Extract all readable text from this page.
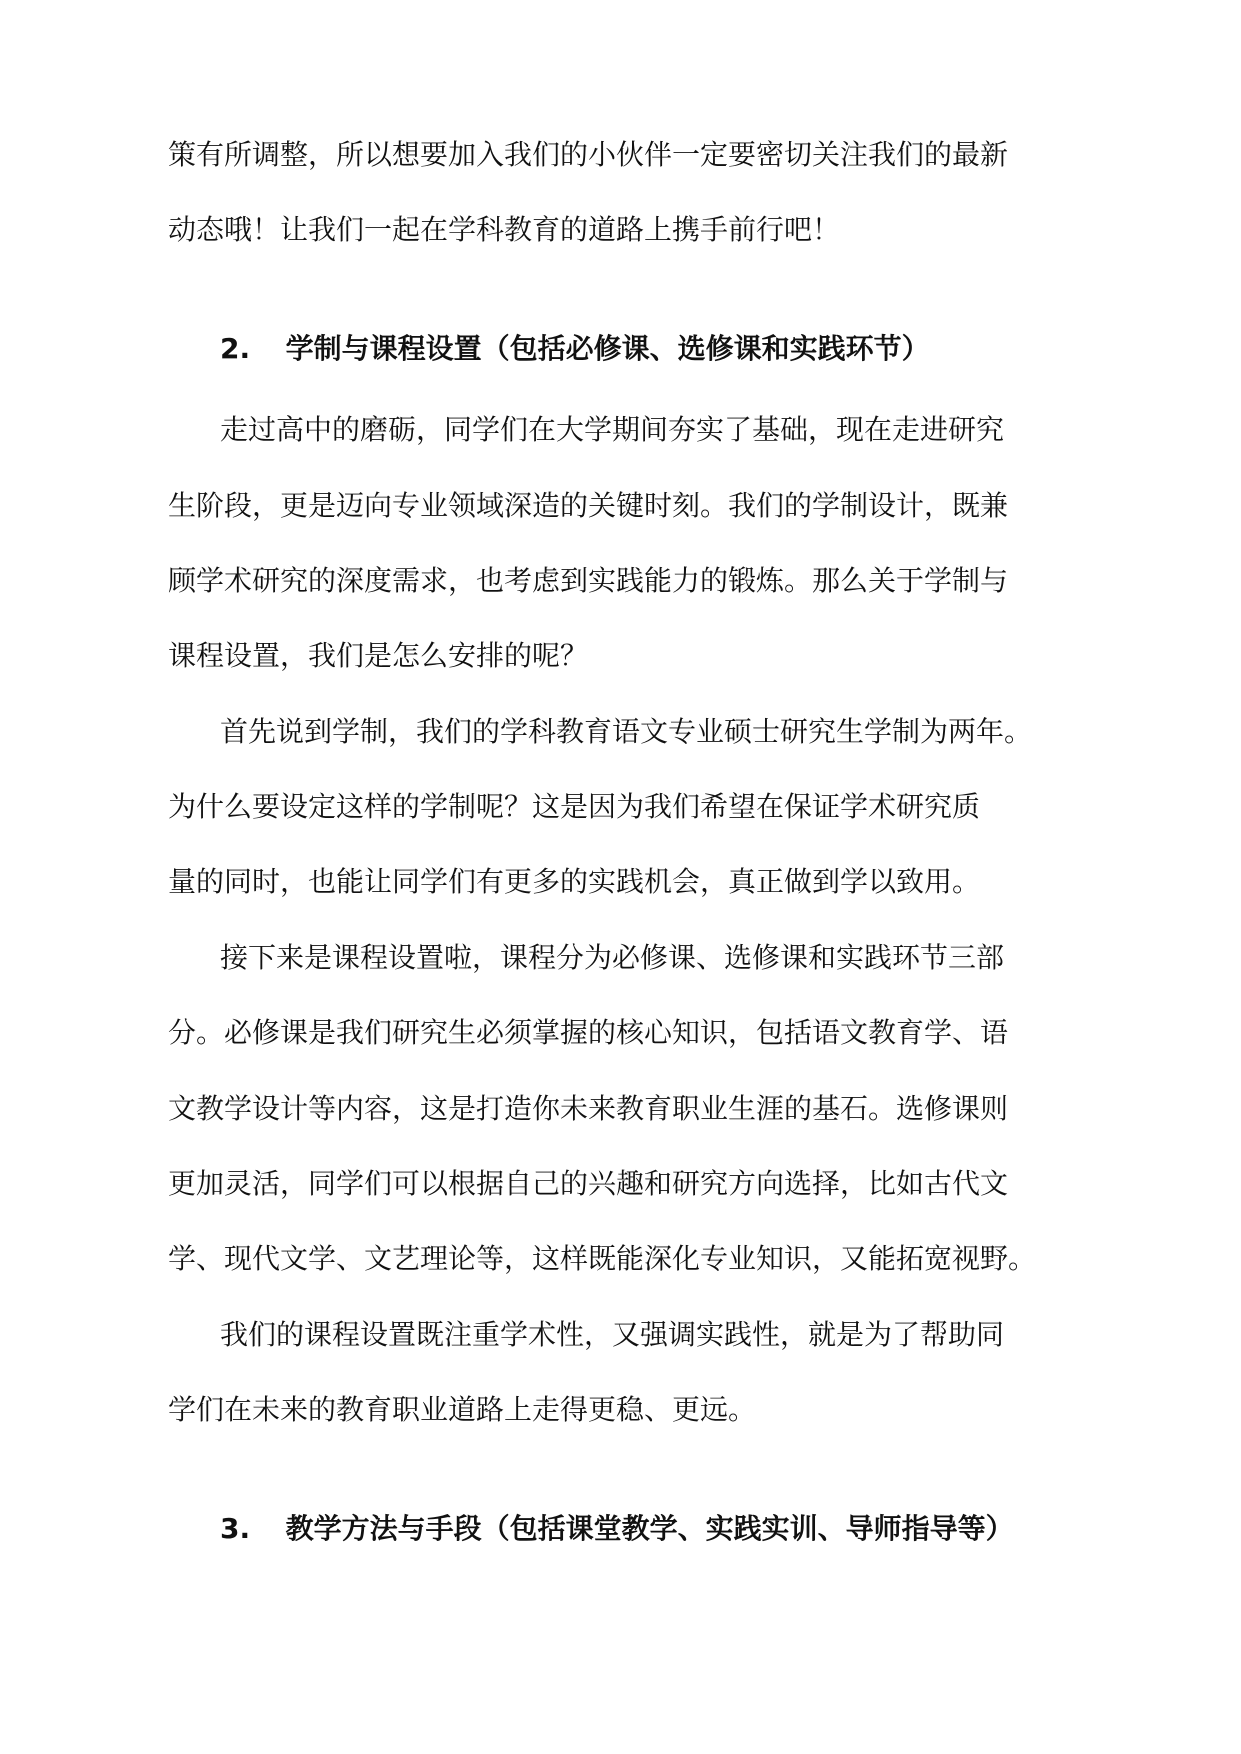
策有所调整，所以想要加入我们的小伙伴一定要密切关注我们的最新
动态哦！让我们一起在学科教育的道路上携手前行吧！
2. 学制与课程设置（包括必修课、选修课和实践环节）
走过高中的磨砺，同学们在大学期间夯实了基础，现在走进研究
生阶段，更是迈向专业领域深造的关键时刻。我们的学制设计，既兼
顾学术研究的深度需求，也考虑到实践能力的锻炼。那么关于学制与
课程设置，我们是怎么安排的呢？
首先说到学制，我们的学科教育语文专业硕士研究生学制为两年。
为什么要设定这样的学制呢？这是因为我们希望在保证学术研究质
量的同时，也能让同学们有更多的实践机会，真正做到学以致用。
接下来是课程设置啦，课程分为必修课、选修课和实践环节三部
分。必修课是我们研究生必须掌握的核心知识，包括语文教育学、语
文教学设计等内容，这是打造你未来教育职业生涯的基石。选修课则
更加灵活，同学们可以根据自己的兴趣和研究方向选择，比如古代文
学、现代文学、文艺理论等，这样既能深化专业知识，又能拓宽视野。
我们的课程设置既注重学术性，又强调实践性，就是为了帮助同
学们在未来的教育职业道路上走得更稳、更远。
3. 教学方法与手段（包括课堂教学、实践实训、导师指导等）
